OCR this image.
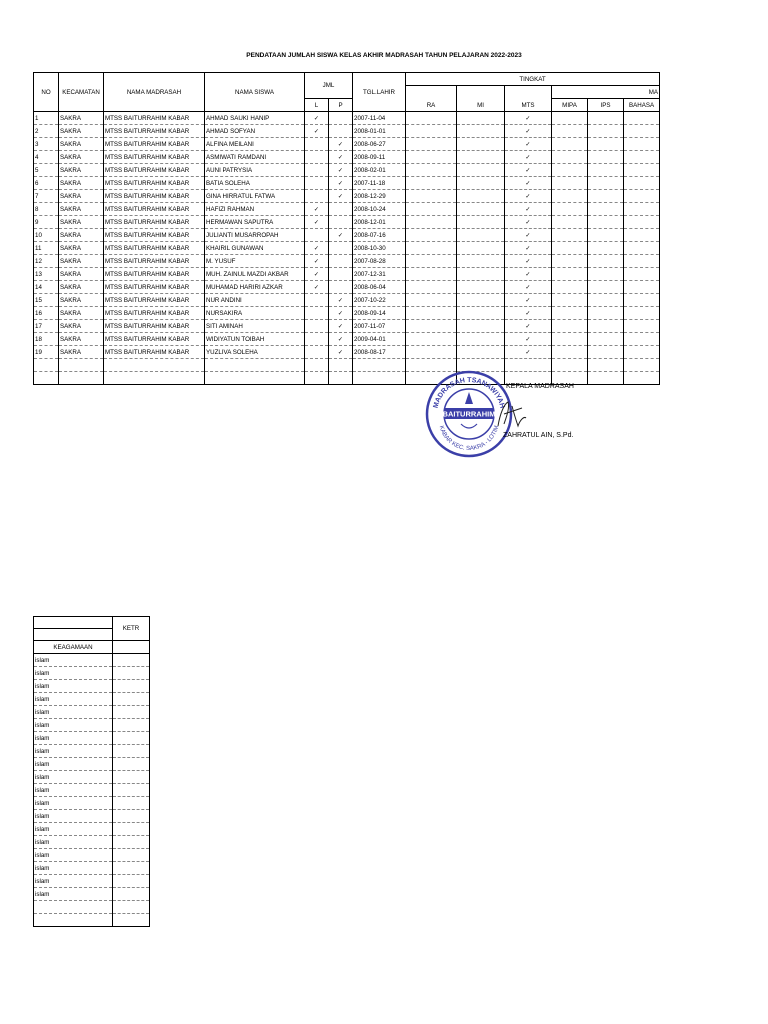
PENDATAAN JUMLAH SISWA KELAS AKHIR MADRASAH TAHUN PELAJARAN 2022-2023
NO	KECAMATAN	NAMA MADRASAH	NAMA SISWA	JML		TGL.LAHIR	TINGKAT					
							RA	MI	MTS	MA		
				L	P					MIPA	IPS	BAHASA
1	SAKRA	MTSS BAITURRAHIM KABAR	AHMAD SAUKI HANIP	✓		2007-11-04			✓			
2	SAKRA	MTSS BAITURRAHIM KABAR	AHMAD SOFYAN	✓		2008-01-01			✓			
3	SAKRA	MTSS BAITURRAHIM KABAR	ALFINA MEILANI		✓	2008-06-27			✓			
4	SAKRA	MTSS BAITURRAHIM KABAR	ASMIWATI RAMDANI		✓	2008-09-11			✓			
5	SAKRA	MTSS BAITURRAHIM KABAR	AUNI PATRYSIA		✓	2008-02-01			✓			
6	SAKRA	MTSS BAITURRAHIM KABAR	BATIA SOLEHA		✓	2007-11-18			✓			
7	SAKRA	MTSS BAITURRAHIM KABAR	GINA HIRRATUL FATWA		✓	2008-12-29			✓			
8	SAKRA	MTSS BAITURRAHIM KABAR	HAFIZI RAHMAN	✓		2008-10-24			✓			
9	SAKRA	MTSS BAITURRAHIM KABAR	HERMAWAN SAPUTRA	✓		2008-12-01			✓			
10	SAKRA	MTSS BAITURRAHIM KABAR	JULIANTI MUSARROPAH		✓	2008-07-16			✓			
11	SAKRA	MTSS BAITURRAHIM KABAR	KHAIRIL GUNAWAN	✓		2008-10-30			✓			
12	SAKRA	MTSS BAITURRAHIM KABAR	M. YUSUF	✓		2007-08-28			✓			
13	SAKRA	MTSS BAITURRAHIM KABAR	MUH. ZAINUL MAZDI AKBAR	✓		2007-12-31			✓			
14	SAKRA	MTSS BAITURRAHIM KABAR	MUHAMAD HARIRI AZKAR	✓		2008-06-04			✓			
15	SAKRA	MTSS BAITURRAHIM KABAR	NUR ANDINI		✓	2007-10-22			✓			
16	SAKRA	MTSS BAITURRAHIM KABAR	NURSAKIRA		✓	2008-09-14			✓			
17	SAKRA	MTSS BAITURRAHIM KABAR	SITI AMINAH		✓	2007-11-07			✓			
18	SAKRA	MTSS BAITURRAHIM KABAR	WIDIYATUN TOIBAH		✓	2009-04-01			✓			
19	SAKRA	MTSS BAITURRAHIM KABAR	YUZLIVA SOLEHA		✓	2008-08-17			✓			

MADRASAH TSANAWIYAH
KABAR KEC. SAKRA - LOTIM
BAITURRAHIM
KEPALA MADRASAH
ZAHRATUL AIN, S.Pd.
	KETR

KEAGAMAAN	
islam	
islam	
islam	
islam	
islam	
islam	
islam	
islam	
islam	
islam	
islam	
islam	
islam	
islam	
islam	
islam	
islam	
islam	
islam	
